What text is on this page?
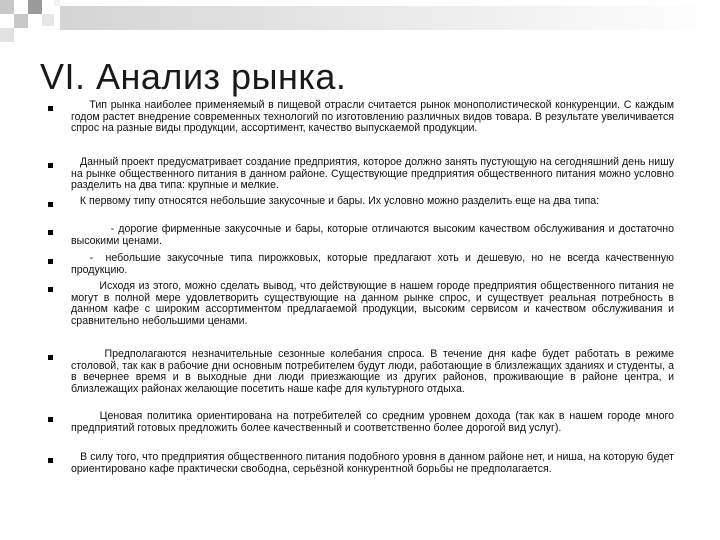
VI. Анализ рынка.
Тип рынка наиболее применяемый в пищевой отрасли считается рынок монополистической конкуренции. С каждым годом растет внедрение современных технологий по изготовлению различных видов товара. В результате увеличивается спрос на разные виды продукции, ассортимент, качество выпускаемой продукции.
Данный проект предусматривает создание предприятия, которое должно занять пустующую на сегодняшний день нишу на рынке общественного питания в данном районе. Существующие предприятия общественного питания можно условно разделить на два типа: крупные и мелкие.
К первому типу относятся небольшие закусочные и бары. Их условно можно разделить еще на два типа:
- дорогие фирменные закусочные и бары, которые отличаются высоким качеством обслуживания и достаточно высокими ценами.
-  небольшие закусочные типа пирожковых, которые предлагают хоть и дешевую, но не всегда качественную продукцию.
Исходя из этого, можно сделать вывод, что действующие в нашем городе предприятия общественного питания не могут в полной мере удовлетворить существующие на данном рынке спрос, и существует реальная потребность в данном кафе с широким ассортиментом предлагаемой продукции, высоким сервисом и качеством обслуживания и сравнительно небольшими ценами.
Предполагаются незначительные сезонные колебания спроса. В течение дня кафе будет работать в режиме столовой, так как в рабочие дни основным потребителем будут люди, работающие в близлежащих зданиях и студенты, а в вечернее время и в выходные дни люди приезжающие из других районов, проживающие в районе центра, и близлежащих районах желающие посетить наше кафе для культурного отдыха.
Ценовая политика ориентирована на потребителей со средним уровнем дохода (так как в нашем городе много предприятий готовых предложить более качественный и соответственно более дорогой вид услуг).
В силу того, что предприятия общественного питания подобного уровня в данном районе нет, и ниша, на которую будет ориентировано кафе практически свободна, серьёзной конкурентной борьбы не предполагается.
